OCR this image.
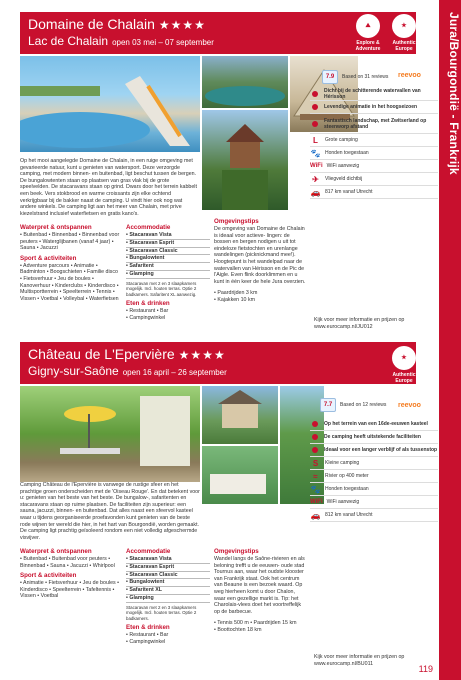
Jura/Bourgondië - Frankrijk
Domaine de Chalain ★★★★
Lac de Chalain open 03 mei – 07 september
⛰
Explore & Adventure
★
Authentic Europe
7.9	Based on 31 reviews reevoo
Dicht bij de schitterende watervallen van Hérisson
Levendige animatie in het hoogseizoen
Fantastisch landschap, met Zwitserland op steenworp afstand
L	Grote camping
🐾 Honden toegestaan
WiFi WiFi aanwezig
✈	Vliegveld dichtbij
🚗 817 km vanaf Utrecht
Op het mooi aangelegde Domaine de Chalain, in een ruige omgeving met gevarieerde natuur, kunt u genieten van watersport. Deze verzorgde camping, met modern binnen- en buitenbad, ligt beschut tussen de bergen. De bungalowtenten staan op plaatsen van gras vlak bij de grote speelvelden. De stacaravans staan op grind. Dwars door het terrein kabbelt een beek. Vers stokbrood en warme croissants zijn elke ochtend verkrijgbaar bij de bakker naast de camping. U vindt hier ook nog wat andere winkels. De camping ligt aan het meer van Chalain, met prive kiezelstrand inclusief waterfietsen en gratis kano's.
Waterpret & ontspannen
• Buitenbad • Binnenbad • Binnenbad voor peuters • Waterglijbanen (vanaf 4 jaar) • Sauna • Jacuzzi
Sport & activiteiten
• Adventure parcours • Animatie • Badminton • Boogschieten • Familie disco • Fietsverhuur • Jeu de boules • Kanoverhuur • Kinderclubs • Kinderdisco • Multisportterrein • Speelterrein • Tennis • Vissen • Voetbal • Volleybal • Waterfietsen
Accommodatie
• Stacaravan Vista
• Stacaravan Esprit
• Stacaravan Classic
• Bungalowtent
• Safaritent
• Glamping
Stacaravan met 2 en 3 slaapkamers mogelijk. Incl. houten terras. Optie 2 badkamers. Safaritent XL aanwezig.
Eten & drinken
• Restaurant • Bar
• Campingwinkel
Omgevingstips
De omgeving van Domaine de Chalain is ideaal voor actieve- lingen: de bossen en bergen nodigen u uit tot eindeloze fietstochten en urenlange wandelingen (picknickmand mee!). Hoogtepunt is het wandelpad naar de watervallen van Hérisson en de Pic de l'Aigle. Even flink doorklimmen en u kunt in één keer de hele Jura overzien.
• Paardrijden 3 km
• Kajakken 10 km
Kijk voor meer informatie en prijzen op www.eurocamp.nl/JU012
Château de L'Epervière ★★★★
Gigny-sur-Saône open 16 april – 26 september
★
Authentic Europe
7.7	Based on 12 reviews reevoo
Op het terrein van een 16de-eeuwen kasteel
De camping heeft uitstekende faciliteiten
Ideaal voor een langer verblijf of als tussenstop
S	Kleine camping
≈	Rivier op 400 meter
🐾 Honden toegestaan
WiFi WiFi aanwezig
🚗 812 km vanaf Utrecht
Camping Château de l'Epervière is vanwege de rustige sfeer en het prachtige groen onderscheiden met de 'Oiseau Rouge'. En dat betekent voor u: genieten van het beste van het beste. De bungalow-, safaritenten en stacaravans staan op ruime plaatsen. De faciliteiten zijn superieur: een sauna, jacuzzi, binnen- en buitenbad. Dat alles naast een sfeervol kasteel waar u tijdens georganiseerde proefavonden kunt genieten van de beste rode wijnen ter wereld die hier, in het hart van Bourgondië, worden gemaakt. De camping ligt prachtig geïsoleerd rondom een niet volledig afgeschermde visvijver.
Waterpret & ontspannen
• Buitenbad • Buitenbad voor peuters • Binnenbad • Sauna • Jacuzzi • Whirlpool
Sport & activiteiten
• Animatie • Fietsverhuur • Jeu de boules • Kinderdisco • Speelterrein • Tafeltennis • Vissen • Voetbal
Accommodatie
• Stacaravan Vista
• Stacaravan Esprit
• Stacaravan Classic
• Bungalowtent
• Safaritent XL
• Glamping
Stacaravan met 2 en 3 slaapkamers mogelijk. Incl. houten terras. Optie 2 badkamers.
Eten & drinken
• Restaurant • Bar
• Campingwinkel
Omgevingstips
Wandel langs de Saône-rivieren en als beloning trefft u de eeuwen- oude stad Tournus aan, waar het oudste klooster van Frankrijk staat. Ook het centrum van Beaune is een bezoek waard. Op weg hierheen komt u door Chalon, waar een gezellige markt is. Tip: het Charolais-vlees doet het voortreffelijk op de barbecue.
• Tennis 500 m • Paardrijden 15 km
• Boottochten 18 km
Kijk voor meer informatie en prijzen op www.eurocamp.nl/BU011
119
